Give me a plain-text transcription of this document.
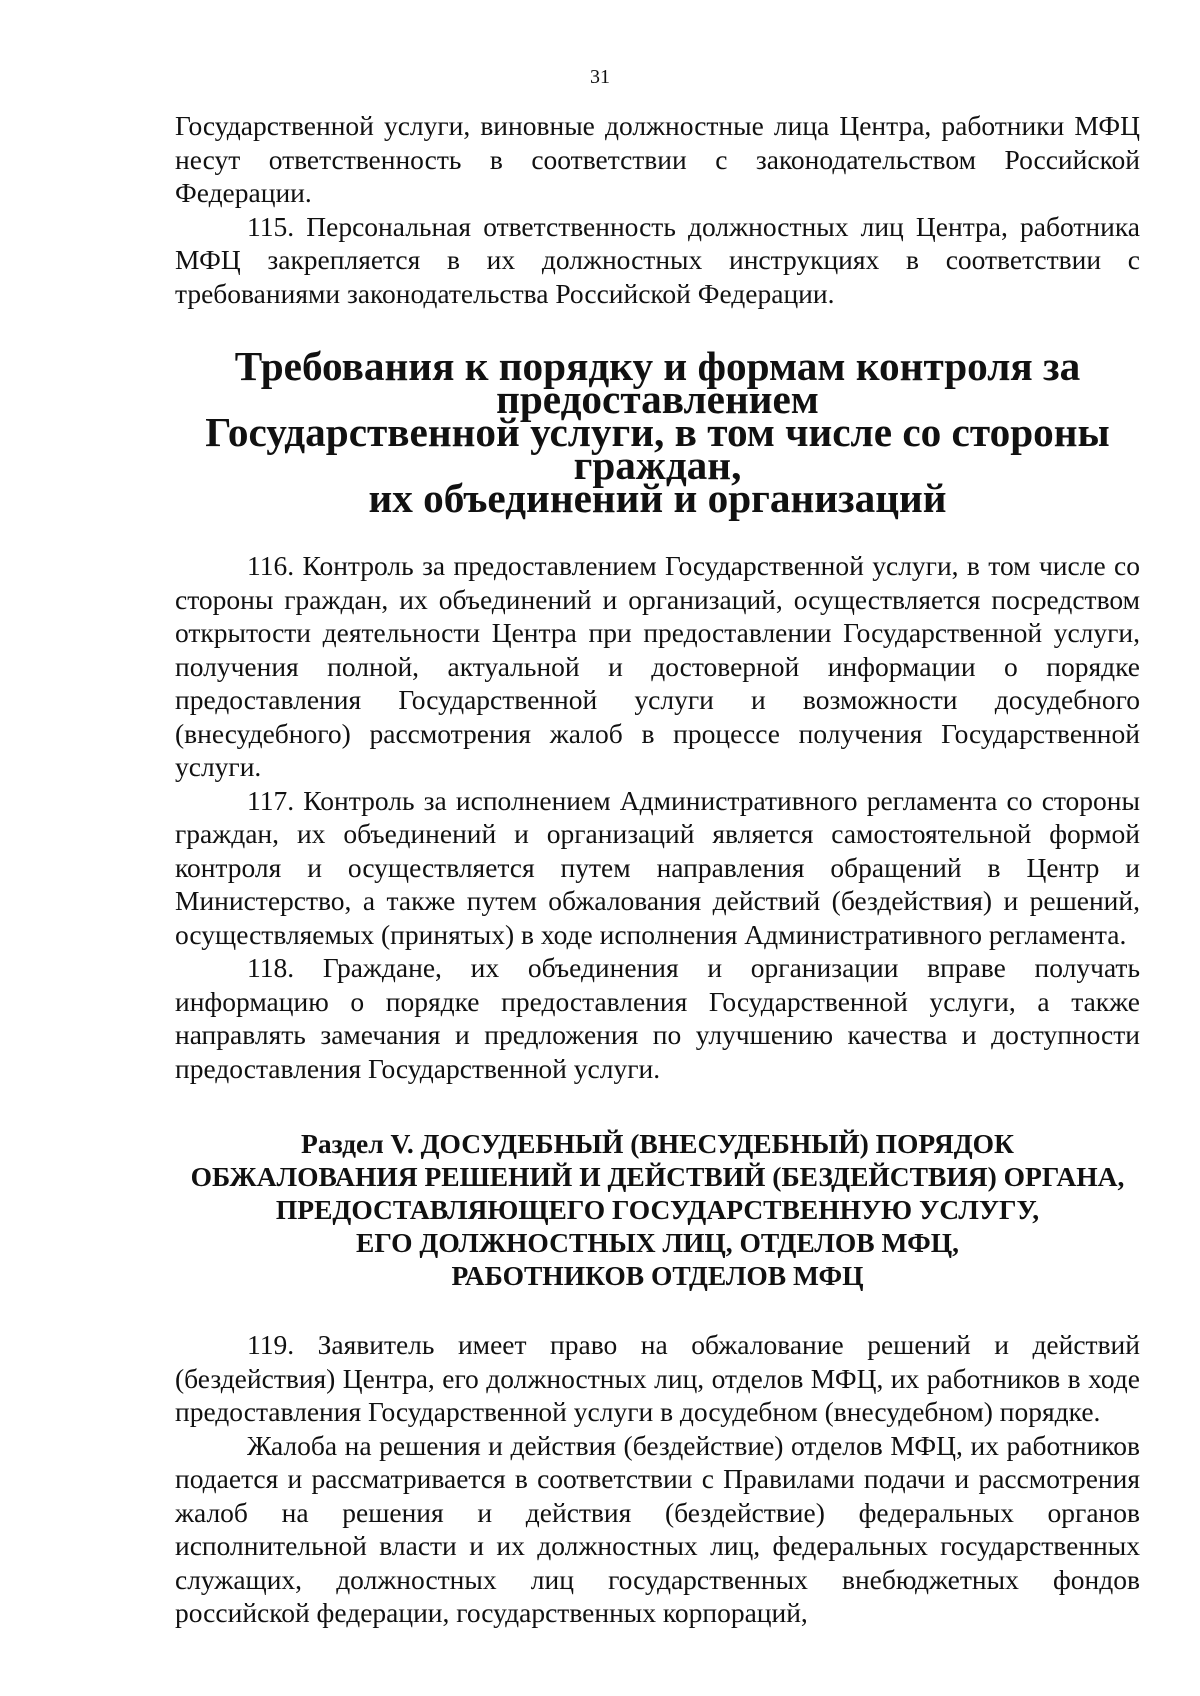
31

Государственной услуги, виновные должностные лица Центра, работники МФЦ несут ответственность в соответствии с законодательством Российской Федерации.

115. Персональная ответственность должностных лиц Центра, работника МФЦ закрепляется в их должностных инструкциях в соответствии с требованиями законодательства Российской Федерации.

Требования к порядку и формам контроля за предоставлением
Государственной услуги, в том числе со стороны граждан,
их объединений и организаций

116. Контроль за предоставлением Государственной услуги, в том числе со стороны граждан, их объединений и организаций, осуществляется посредством открытости деятельности Центра при предоставлении Государственной услуги, получения полной, актуальной и достоверной информации о порядке предоставления Государственной услуги и возможности досудебного (внесудебного) рассмотрения жалоб в процессе получения Государственной услуги.

117. Контроль за исполнением Административного регламента со стороны граждан, их объединений и организаций является самостоятельной формой контроля и осуществляется путем направления обращений в Центр и Министерство, а также путем обжалования действий (бездействия) и решений, осуществляемых (принятых) в ходе исполнения Административного регламента.

118. Граждане, их объединения и организации вправе получать информацию о порядке предоставления Государственной услуги, а также направлять замечания и предложения по улучшению качества и доступности предоставления Государственной услуги.

Раздел V. ДОСУДЕБНЫЙ (ВНЕСУДЕБНЫЙ) ПОРЯДОК
ОБЖАЛОВАНИЯ РЕШЕНИЙ И ДЕЙСТВИЙ (БЕЗДЕЙСТВИЯ) ОРГАНА,
ПРЕДОСТАВЛЯЮЩЕГО ГОСУДАРСТВЕННУЮ УСЛУГУ,
ЕГО ДОЛЖНОСТНЫХ ЛИЦ, ОТДЕЛОВ МФЦ,
РАБОТНИКОВ ОТДЕЛОВ МФЦ

119. Заявитель имеет право на обжалование решений и действий (бездействия) Центра, его должностных лиц, отделов МФЦ, их работников в ходе предоставления Государственной услуги в досудебном (внесудебном) порядке.

Жалоба на решения и действия (бездействие) отделов МФЦ, их работников подается и рассматривается в соответствии с Правилами подачи и рассмотрения жалоб на решения и действия (бездействие) федеральных органов исполнительной власти и их должностных лиц, федеральных государственных служащих, должностных лиц государственных внебюджетных фондов российской федерации, государственных корпораций,
